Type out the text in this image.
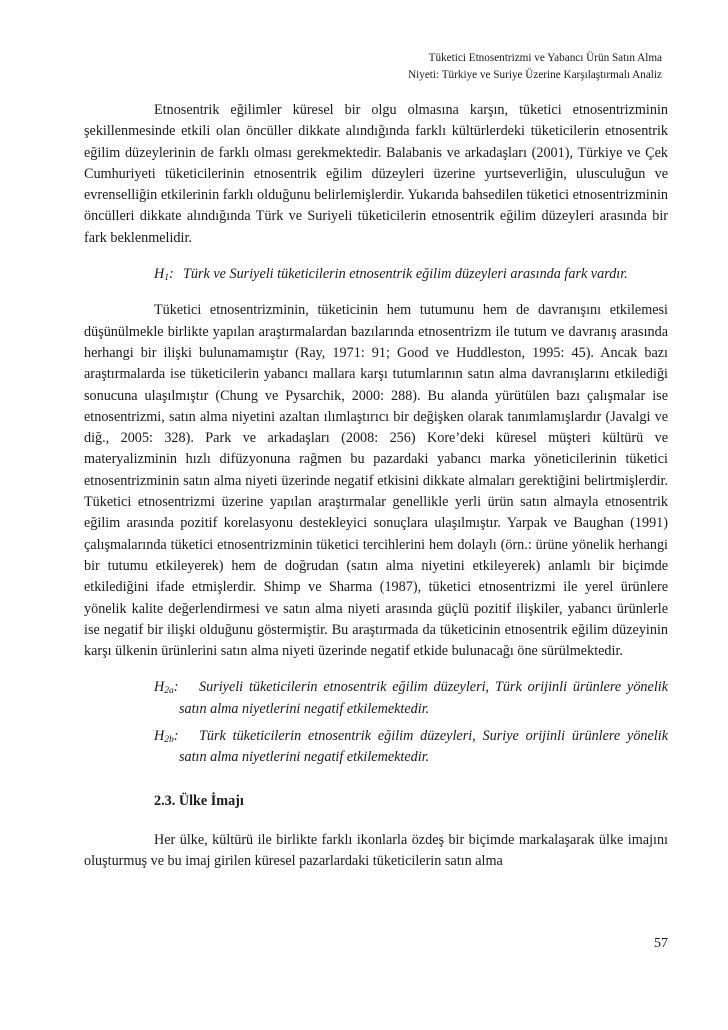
Tüketici Etnosentrizmi ve Yabancı Ürün Satın Alma
Niyeti: Türkiye ve Suriye Üzerine Karşılaştırmalı Analiz

Etnosentrik eğilimler küresel bir olgu olmasına karşın, tüketici etnosentrizminin şekillenmesinde etkili olan öncüller dikkate alındığında farklı kültürlerdeki tüketicilerin etnosentrik eğilim düzeylerinin de farklı olması gerekmektedir. Balabanis ve arkadaşları (2001), Türkiye ve Çek Cumhuriyeti tüketicilerinin etnosentrik eğilim düzeyleri üzerine yurtseverliğin, ulusculuğun ve evrenselliğin etkilerinin farklı olduğunu belirlemişlerdir. Yukarıda bahsedilen tüketici etnosentrizminin öncülleri dikkate alındığında Türk ve Suriyeli tüketicilerin etnosentrik eğilim düzeyleri arasında bir fark beklenmelidir.

$H_1$: Türk ve Suriyeli tüketicilerin etnosentrik eğilim düzeyleri arasında fark vardır.

Tüketici etnosentrizminin, tüketicinin hem tutumunu hem de davranışını etkilemesi düşünülmekle birlikte yapılan araştırmalardan bazılarında etnosentrizm ile tutum ve davranış arasında herhangi bir ilişki bulunamamıştır (Ray, 1971: 91; Good ve Huddleston, 1995: 45). Ancak bazı araştırmalarda ise tüketicilerin yabancı mallara karşı tutumlarının satın alma davranışlarını etkilediği sonucuna ulaşılmıştır (Chung ve Pysarchik, 2000: 288). Bu alanda yürütülen bazı çalışmalar ise etnosentrizmi, satın alma niyetini azaltan ılımlaştırıcı bir değişken olarak tanımlamışlardır (Javalgi ve diğ., 2005: 328). Park ve arkadaşları (2008: 256) Kore’deki küresel müşteri kültürü ve materyalizminin hızlı difüzyonuna rağmen bu pazardaki yabancı marka yöneticilerinin tüketici etnosentrizminin satın alma niyeti üzerinde negatif etkisini dikkate almaları gerektiğini belirtmişlerdir. Tüketici etnosentrizmi üzerine yapılan araştırmalar genellikle yerli ürün satın almayla etnosentrik eğilim arasında pozitif korelasyonu destekleyici sonuçlara ulaşılmıştır. Yarpak ve Baughan (1991) çalışmalarında tüketici etnosentrizminin tüketici tercihlerini hem dolaylı (örn.: ürüne yönelik herhangi bir tutumu etkileyerek) hem de doğrudan (satın alma niyetini etkileyerek) anlamlı bir biçimde etkilediğini ifade etmişlerdir. Shimp ve Sharma (1987), tüketici etnosentrizmi ile yerel ürünlere yönelik kalite değerlendirmesi ve satın alma niyeti arasında güçlü pozitif ilişkiler, yabancı ürünlerle ise negatif bir ilişki olduğunu göstermiştir. Bu araştırmada da tüketicinin etnosentrik eğilim düzeyinin karşı ülkenin ürünlerini satın alma niyeti üzerinde negatif etkide bulunacağı öne sürülmektedir.

$H_{2a}$:	Suriyeli tüketicilerin etnosentrik eğilim düzeyleri, Türk orijinli ürünlere yönelik satın alma niyetlerini negatif etkilemektedir.
$H_{2b}$:	Türk tüketicilerin etnosentrik eğilim düzeyleri, Suriye orijinli ürünlere yönelik satın alma niyetlerini negatif etkilemektedir.
2.3. Ülke İmajı

Her ülke, kültürü ile birlikte farklı ikonlarla özdeş bir biçimde markalaşarak ülke imajını oluşturmuş ve bu imaj girilen küresel pazarlardaki tüketicilerin satın alma

57
